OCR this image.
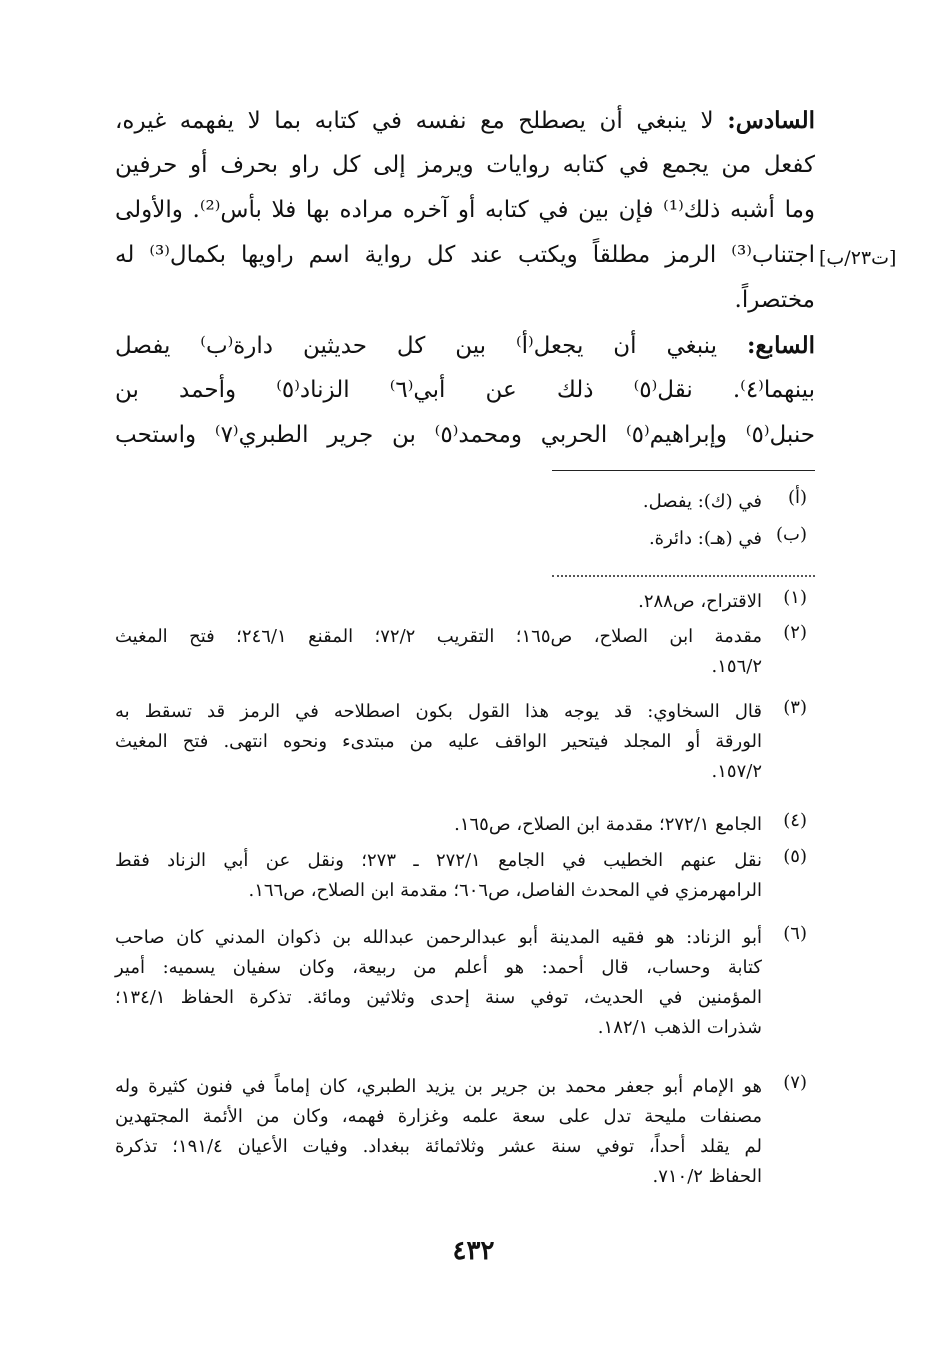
السادس: لا ينبغي أن يصطلح مع نفسه في كتابه بما لا يفهمه غيره،
كفعل من يجمع في كتابه روايات ويرمز إلى كل راو بحرف أو حرفين
وما أشبه ذلك⁽¹⁾ فإن بين في كتابه أو آخره مراده بها فلا بأس⁽²⁾. والأولى
اجتناب⁽³⁾ الرمز مطلقاً ويكتب عند كل رواية اسم راويها بكمال⁽³⁾ له
مختصراً.
السابع: ينبغي أن يجعل⁽أ⁾ بين كل حديثين دارة⁽ب⁾ يفصل
بينهما⁽٤⁾. نقل⁽٥⁾ ذلك عن أبي⁽٦⁾ الزناد⁽٥⁾ وأحمد بن
حنبل⁽٥⁾ وإبراهيم⁽٥⁾ الحربي ومحمد⁽٥⁾ بن جرير الطبري⁽٧⁾ واستحب
[ت٢٣/ب]
(أ)
في (ك): يفصل.
(ب)
في (هـ): دائرة.
(١)
الاقتراح، ص٢٨٨.
(٢)
مقدمة ابن الصلاح، ص١٦٥؛ التقريب ٧٢/٢؛ المقنع ٢٤٦/١؛ فتح المغيث
١٥٦/٢.
(٣)
قال السخاوي: قد يوجه هذا القول بكون اصطلاحه في الرمز قد تسقط به
الورقة أو المجلد فيتحير الواقف عليه من مبتدىء ونحوه انتهى. فتح المغيث
١٥٧/٢.
(٤)
الجامع ٢٧٢/١؛ مقدمة ابن الصلاح، ص١٦٥.
(٥)
نقل عنهم الخطيب في الجامع ٢٧٢/١ ـ ٢٧٣؛ ونقل عن أبي الزناد فقط
الرامهرمزي في المحدث الفاصل، ص٦٠٦؛ مقدمة ابن الصلاح، ص١٦٦.
(٦)
أبو الزناد: هو فقيه المدينة أبو عبدالرحمن عبدالله بن ذكوان المدني كان صاحب
كتابة وحساب، قال أحمد: هو أعلم من ربيعة، وكان سفيان يسميه: أمير
المؤمنين في الحديث، توفي سنة إحدى وثلاثين ومائة. تذكرة الحفاظ ١٣٤/١؛
شذرات الذهب ١٨٢/١.
(٧)
هو الإمام أبو جعفر محمد بن جرير بن يزيد الطبري، كان إماماً في فنون كثيرة وله
مصنفات مليحة تدل على سعة علمه وغزارة فهمه، وكان من الأئمة المجتهدين
لم يقلد أحداً، توفي سنة عشر وثلاثمائة ببغداد. وفيات الأعيان ١٩١/٤؛ تذكرة
الحفاظ ٧١٠/٢.
٤٣٢
